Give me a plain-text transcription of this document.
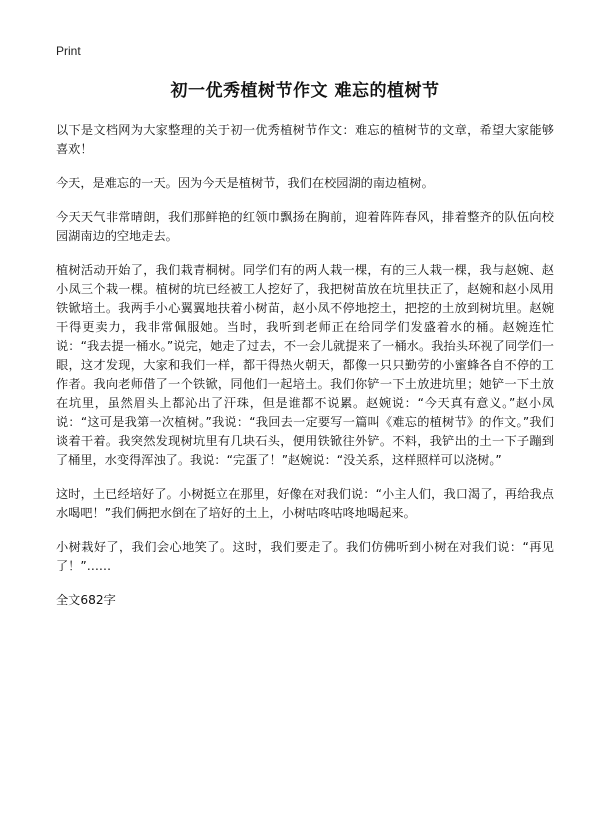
Print
初一优秀植树节作文 难忘的植树节

以下是文档网为大家整理的关于初一优秀植树节作文：难忘的植树节的文章，希望大家能够喜欢！

今天，是难忘的一天。因为今天是植树节，我们在校园湖的南边植树。

今天天气非常晴朗，我们那鲜艳的红领巾飘扬在胸前，迎着阵阵春风，排着整齐的队伍向校园湖南边的空地走去。

植树活动开始了，我们栽青桐树。同学们有的两人栽一棵，有的三人栽一棵，我与赵婉、赵小凤三个栽一棵。植树的坑已经被工人挖好了，我把树苗放在坑里扶正了，赵婉和赵小凤用铁锨培土。我两手小心翼翼地扶着小树苗，赵小凤不停地挖土，把挖的土放到树坑里。赵婉干得更卖力，我非常佩服她。当时，我听到老师正在给同学们发盛着水的桶。赵婉连忙说：“我去提一桶水。”说完，她走了过去，不一会儿就提来了一桶水。我抬头环视了同学们一眼，这才发现，大家和我们一样，都干得热火朝天，都像一只只勤劳的小蜜蜂各自不停的工作者。我向老师借了一个铁锨，同他们一起培土。我们你铲一下土放进坑里；她铲一下土放在坑里，虽然眉头上都沁出了汗珠，但是谁都不说累。赵婉说：“今天真有意义。”赵小凤说：“这可是我第一次植树。”我说：“我回去一定要写一篇叫《难忘的植树节》的作文。”我们谈着干着。我突然发现树坑里有几块石头，便用铁锨往外铲。不料，我铲出的土一下子蹦到了桶里，水变得浑浊了。我说：“完蛋了！”赵婉说：“没关系，这样照样可以浇树。”

这时，土已经培好了。小树挺立在那里，好像在对我们说：“小主人们，我口渴了，再给我点水喝吧！”我们俩把水倒在了培好的土上，小树咕咚咕咚地喝起来。

小树栽好了，我们会心地笑了。这时，我们要走了。我们仿佛听到小树在对我们说：“再见了！”……

全文682字
